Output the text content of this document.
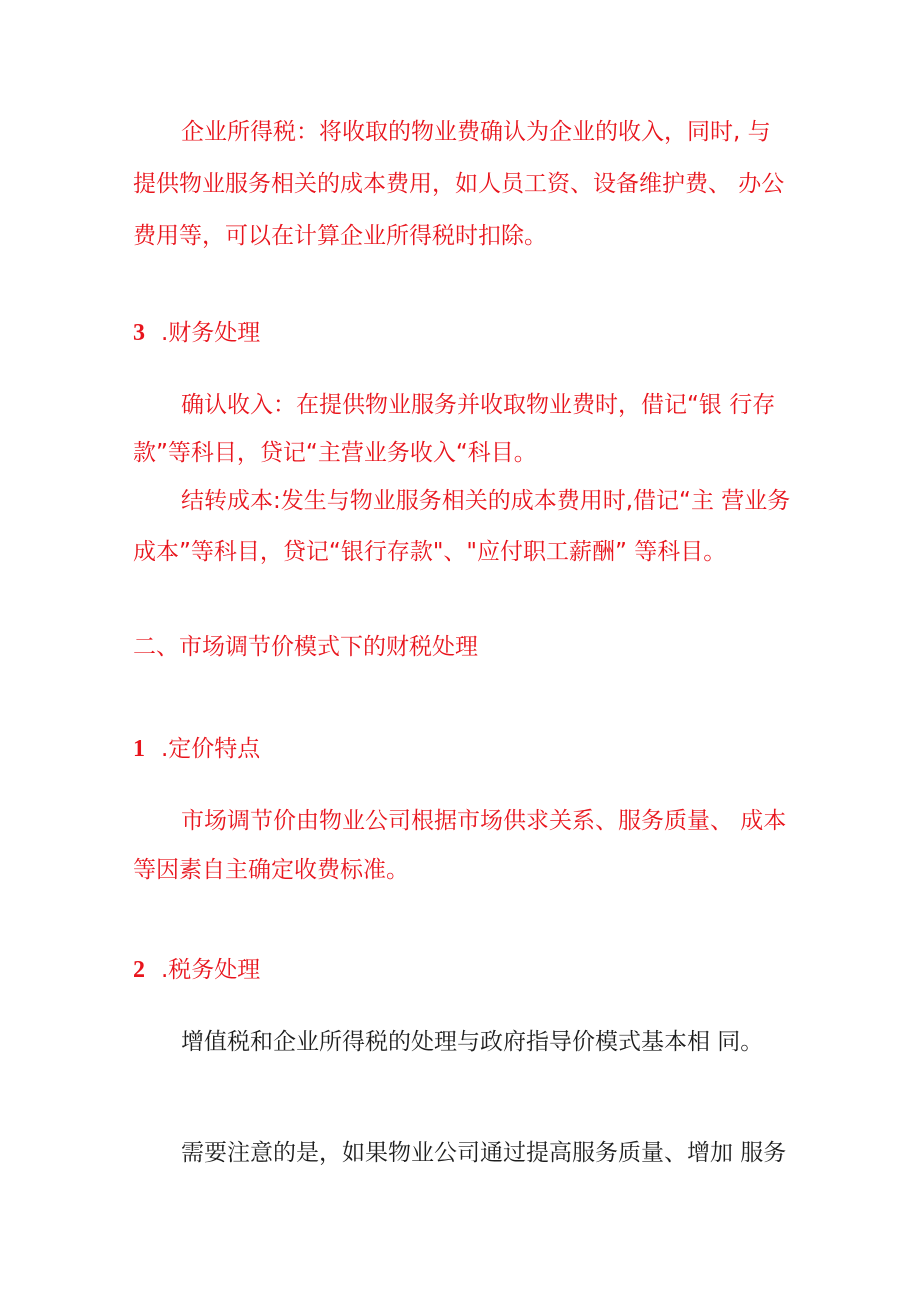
企业所得税：将收取的物业费确认为企业的收入，同时, 与

提供物业服务相关的成本费用，如人员工资、设备维护费、 办公

费用等，可以在计算企业所得税时扣除。

3 .财务处理

确认收入：在提供物业服务并收取物业费时，借记“银 行存

款”等科目，贷记“主营业务收入“科目。

结转成本:发生与物业服务相关的成本费用时,借记“主 营业务

成本”等科目，贷记“银行存款"、"应付职工薪酬” 等科目。

二、市场调节价模式下的财税处理

1 .定价特点

市场调节价由物业公司根据市场供求关系、服务质量、 成本

等因素自主确定收费标准。

2 .税务处理

增值税和企业所得税的处理与政府指导价模式基本相 同。

需要注意的是，如果物业公司通过提高服务质量、增加 服务
